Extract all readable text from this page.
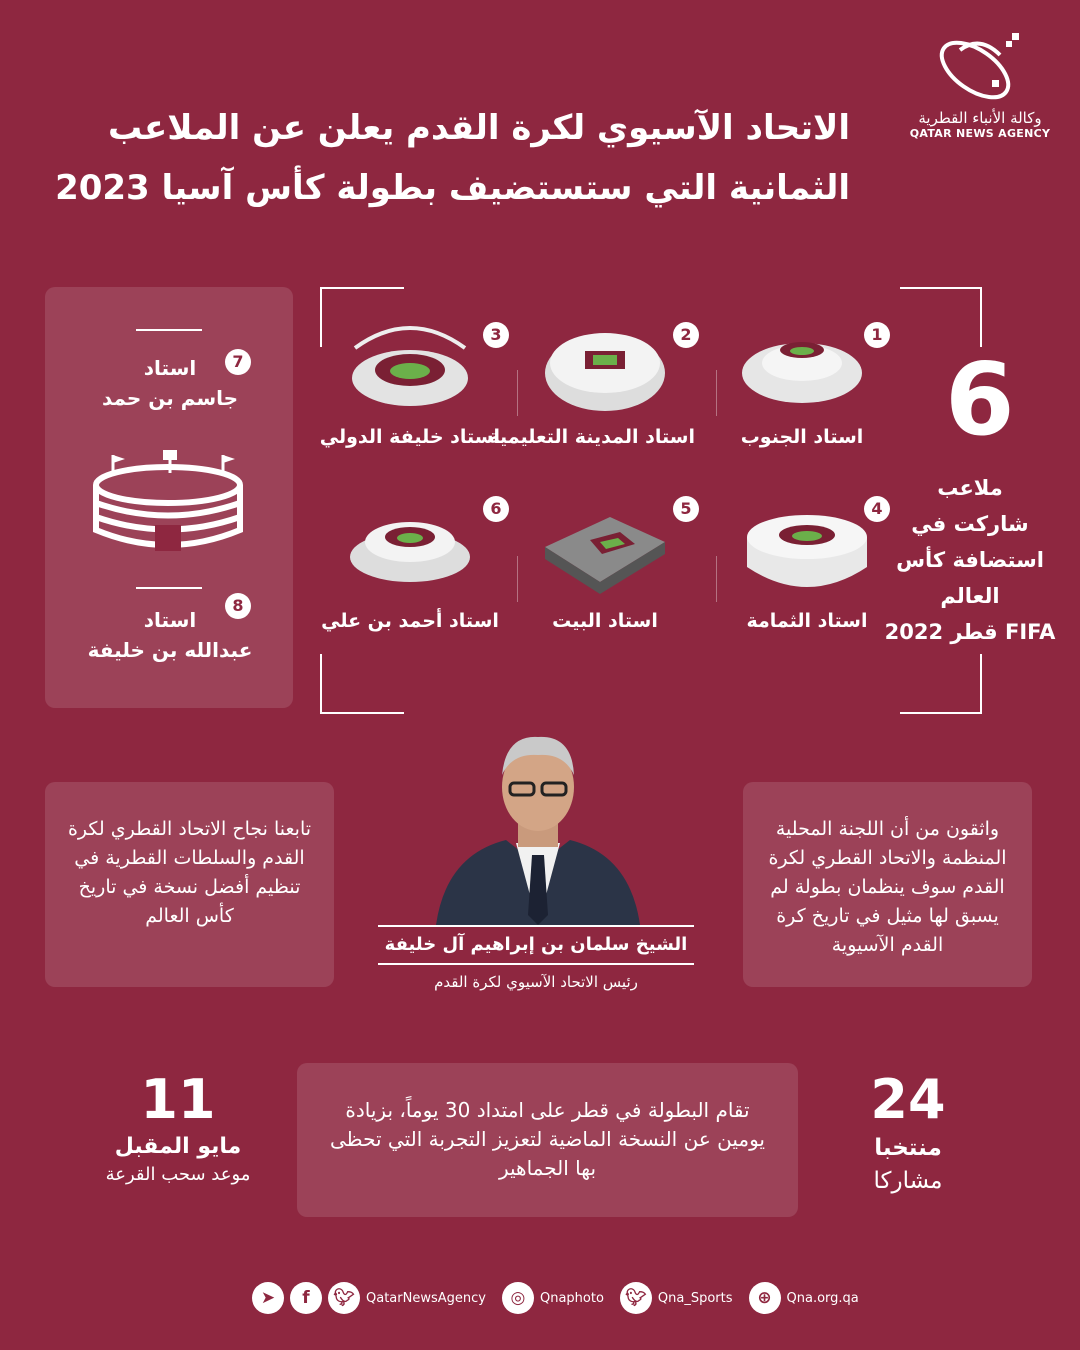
وكالة الأنباء القطرية
QATAR NEWS AGENCY
الاتحاد الآسيوي لكرة القدم يعلن عن الملاعب
الثمانية التي ستستضيف بطولة كأس آسيا 2023
7
استاد
جاسم بن حمد
8
استاد
عبدالله بن خليفة
6
ملاعب
شاركت في
استضافة كأس
العالم
FIFA قطر 2022
استاد الجنوب
استاد المدينة التعليمية
استاد خليفة الدولي
1
2
3
استاد الثمامة
استاد البيت
استاد أحمد بن علي
4
5
6
واثقون من أن اللجنة المحلية المنظمة والاتحاد القطري لكرة القدم سوف ينظمان بطولة لم يسبق لها مثيل في تاريخ كرة القدم الآسيوية
تابعنا نجاح الاتحاد القطري لكرة القدم والسلطات القطرية في تنظيم أفضل نسخة في تاريخ كأس العالم
الشيخ سلمان بن إبراهيم آل خليفة
رئيس الاتحاد الآسيوي لكرة القدم
24
منتخبا
مشاركا
تقام البطولة في قطر على امتداد 30 يوماً، بزيادة يومين عن النسخة الماضية لتعزيز التجربة التي تحظى بها الجماهير
11
مايو المقبل
موعد سحب القرعة
➤	f	🐦︎ QatarNewsAgency	◎	Qnaphoto	🐦︎ Qna_Sports	⊕	Qna.org.qa
